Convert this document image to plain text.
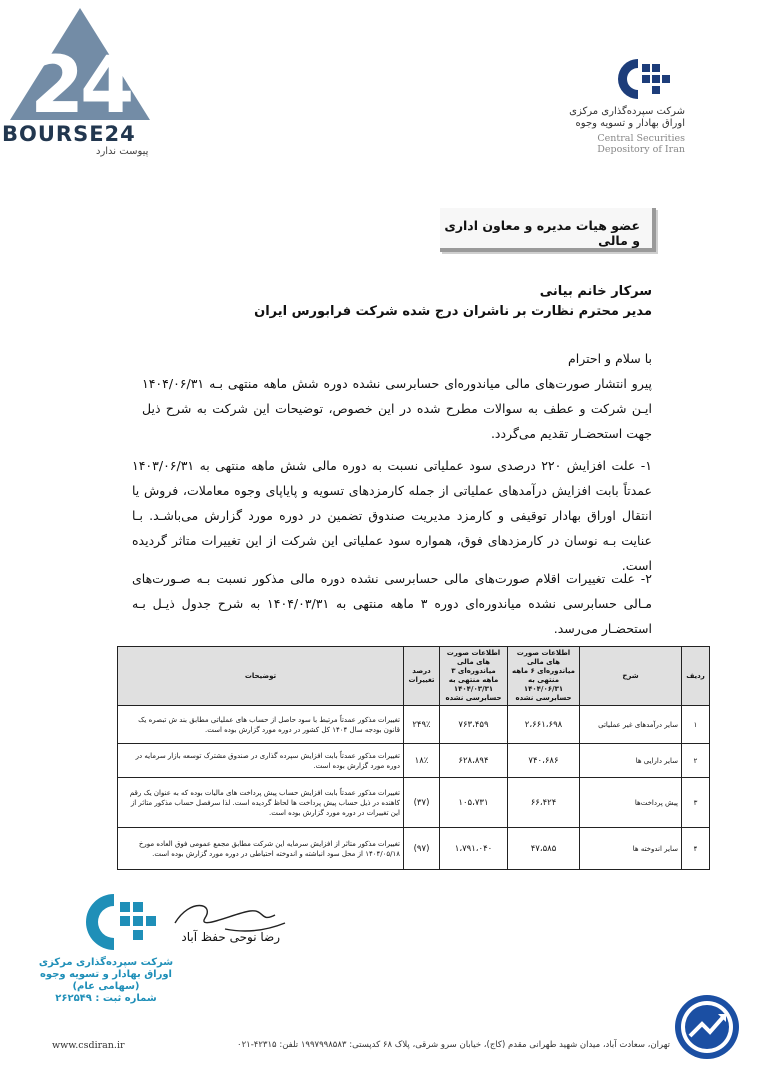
2
4
BOURSE24
پیوست ندارد
شرکت سپرده‌گذاری مرکزی
اوراق بهادار و تسویه وجوه
Central Securities
Depository of Iran
عضو هیات مدیره و معاون اداری و مالی
سرکار خانم بیانی
مدیر محترم نظارت بر ناشران درج شده شرکت فرابورس ایران
با سلام و احترام
پیرو انتشار صورت‌های مالی میاندوره‌ای حسابرسی نشده دوره شش ماهه منتهی بـه ۱۴۰۴/۰۶/۳۱ ایـن شرکت و عطف به سوالات مطرح شده در این خصوص، توضیحات این شرکت به شرح ذیل جهت استحضـار تقدیم می‌گردد.
۱- علت افزایش ۲۲۰ درصدی سود عملیاتی نسبت به دوره مالی شش ماهه منتهی به ۱۴۰۳/۰۶/۳۱ عمدتاً بابت افزایش درآمدهای عملیاتی از جمله کارمزدهای تسویه و پایاپای وجوه معاملات، فروش یا انتقال اوراق بهادار توقیفی و کارمزد مدیریت صندوق تضمین در دوره مورد گزارش می‌باشـد. بـا عنایت بـه نوسان در کارمزدهای فوق، همواره سود عملیاتی این شرکت از این تغییرات متاثر گردیده است.
۲- علت تغییرات اقلام صورت‌های مالی حسابرسی نشده دوره مالی مذکور نسبت بـه صـورت‌های مـالی حسابرسی نشده میاندوره‌ای دوره ۳ ماهه منتهی به ۱۴۰۴/۰۳/۳۱ به شرح جدول ذیـل بـه استحضـار می‌رسد.
ردیف	شرح	اطلاعات صورت های مالی میاندوره‌ای ۶ ماهه منتهی به ۱۴۰۴/۰۶/۳۱ حسابرسی نشده	اطلاعات صورت های مالی میاندوره‌ای ۳ ماهه منتهی به ۱۴۰۴/۰۳/۳۱ حسابرسی نشده	درصد تغییرات	توضیحات
۱	سایر درآمدهای غیر عملیاتی	۲،۶۶۱،۶۹۸	۷۶۳،۴۵۹	۲۴۹٪	تغییرات مذکور عمدتاً مرتبط با سود حاصل از حساب های عملیاتی مطابق بند ش تبصره یک قانون بودجه سال ۱۴۰۴ کل کشور در دوره مورد گزارش بوده است.
۲	سایر دارایی ها	۷۴۰،۶۸۶	۶۲۸،۸۹۴	۱۸٪	تغییرات مذکور عمدتاً بابت افزایش سپرده گذاری در صندوق مشترک توسعه بازار سرمایه در دوره مورد گزارش بوده است.
۳	پیش پرداخت‌ها	۶۶،۴۲۴	۱۰۵،۷۳۱	(۳۷)	تغییرات مذکور عمدتاً بابت افزایش حساب پیش پرداخت های مالیات بوده که به عنوان یک رقم کاهنده در ذیل حساب پیش پرداخت ها لحاظ گردیده است. لذا سرفصل حساب مذکور متاثر از این تغییرات در دوره مورد گزارش بوده است.
۴	سایر اندوخته ها	۴۷،۵۸۵	۱،۷۹۱،۰۴۰	(۹۷)	تغییرات مذکور متاثر از افزایش سرمایه این شرکت مطابق مجمع عمومی فوق العاده مورخ ۱۴۰۴/۰۵/۱۸ از محل سود انباشته و اندوخته احتیاطی در دوره مورد گزارش بوده است.
رضا نوحی حفظ آباد
شرکت سپرده‌گذاری مرکزی
اوراق بهادار و تسویه وجوه
(سهامی عام)
شماره ثبت : ۲۶۲۵۴۹
www.csdiran.ir	تهران، سعادت آباد، میدان شهید طهرانی مقدم (کاج)، خیابان سرو شرقی، پلاک ۶۸ کدپستی: ۱۹۹۷۹۹۸۵۸۳ تلفن: ۴۲۳۱۵-۰۲۱
